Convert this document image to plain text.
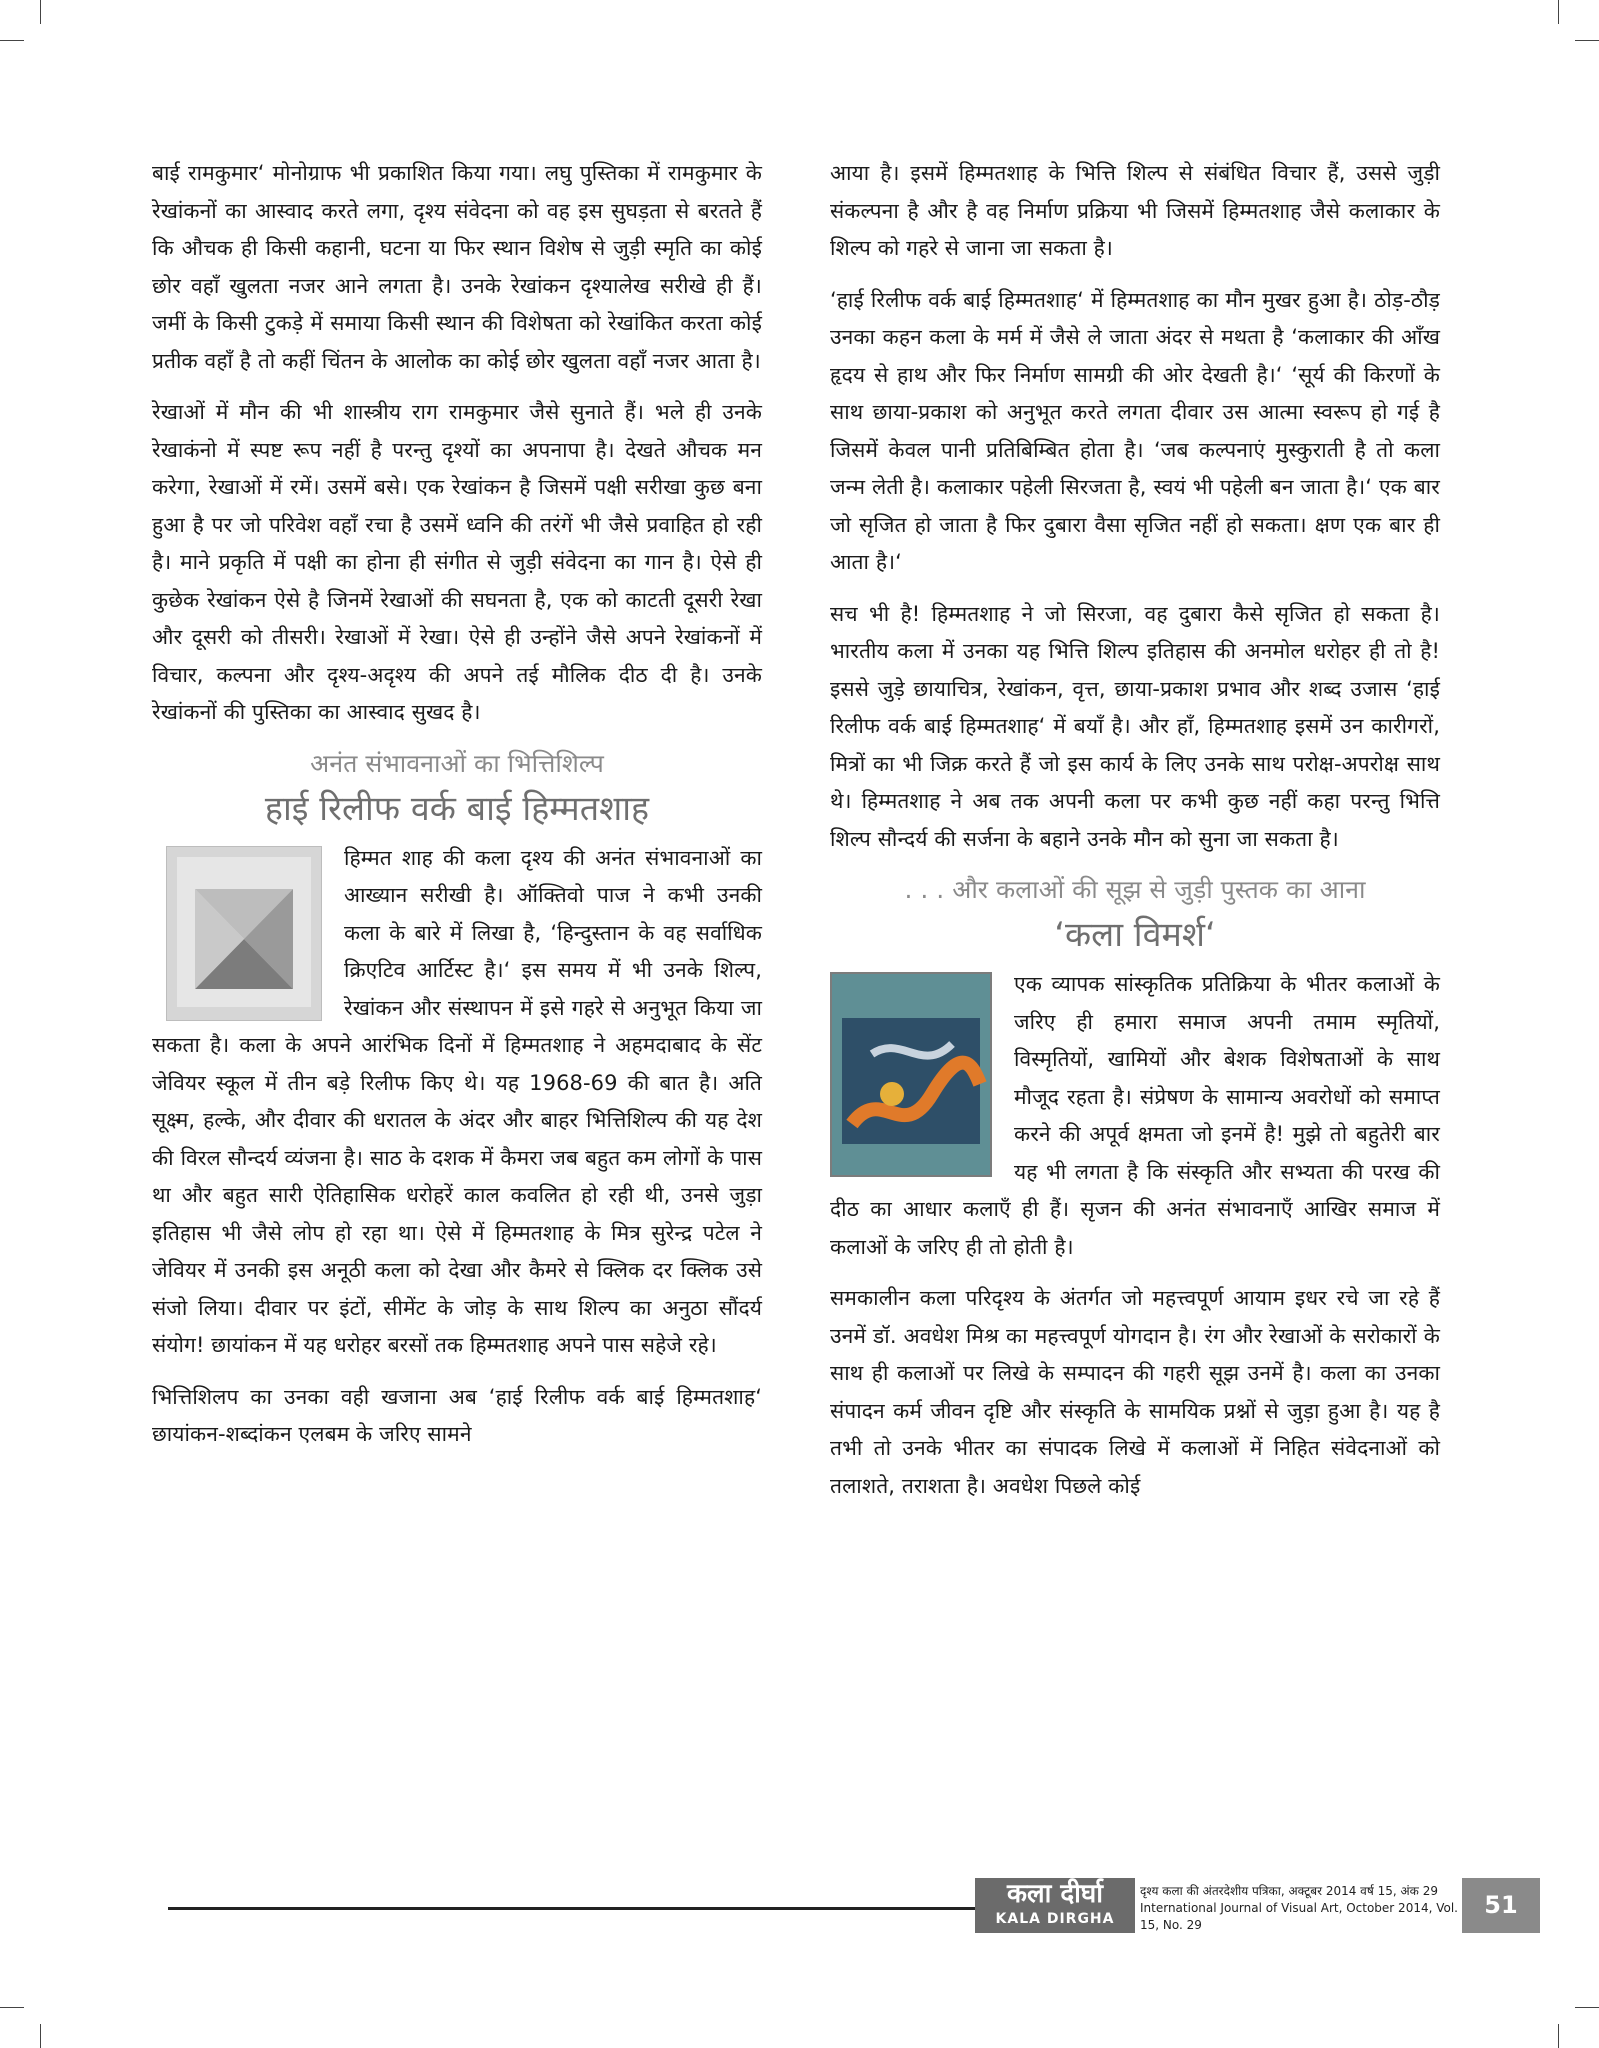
बाई रामकुमार‘ मोनोग्राफ भी प्रकाशित किया गया। लघु पुस्तिका में रामकुमार के रेखांकनों का आस्वाद करते लगा, दृश्य संवेदना को वह इस सुघड़ता से बरतते हैं कि औचक ही किसी कहानी, घटना या फिर स्थान विशेष से जुड़ी स्मृति का कोई छोर वहाँ खुलता नजर आने लगता है। उनके रेखांकन दृश्यालेख सरीखे ही हैं। जमीं के किसी टुकड़े में समाया किसी स्थान की विशेषता को रेखांकित करता कोई प्रतीक वहाँ है तो कहीं चिंतन के आलोक का कोई छोर खुलता वहाँ नजर आता है।

रेखाओं में मौन की भी शास्त्रीय राग रामकुमार जैसे सुनाते हैं। भले ही उनके रेखाकंनो में स्पष्ट रूप नहीं है परन्तु दृश्यों का अपनापा है। देखते औचक मन करेगा, रेखाओं में रमें। उसमें बसे। एक रेखांकन है जिसमें पक्षी सरीखा कुछ बना हुआ है पर जो परिवेश वहाँ रचा है उसमें ध्वनि की तरंगें भी जैसे प्रवाहित हो रही है। माने प्रकृति में पक्षी का होना ही संगीत से जुड़ी संवेदना का गान है। ऐसे ही कुछेक रेखांकन ऐसे है जिनमें रेखाओं की सघनता है, एक को काटती दूसरी रेखा और दूसरी को तीसरी। रेखाओं में रेखा। ऐसे ही उन्होंने जैसे अपने रेखांकनों में विचार, कल्पना और दृश्य-अदृश्य की अपने तई मौलिक दीठ दी है। उनके रेखांकनों की पुस्तिका का आस्वाद सुखद है।

अनंत संभावनाओं का भित्तिशिल्प
हाई रिलीफ वर्क बाई हिम्मतशाह

हिम्मत शाह की कला दृश्य की अनंत संभावनाओं का आख्यान सरीखी है। ऑक्तिवो पाज ने कभी उनकी कला के बारे में लिखा है, ‘हिन्दुस्तान के वह सर्वाधिक क्रिएटिव आर्टिस्ट है।‘ इस समय में भी उनके शिल्प, रेखांकन और संस्थापन में इसे गहरे से अनुभूत किया जा सकता है। कला के अपने आरंभिक दिनों में हिम्मतशाह ने अहमदाबाद के सेंट जेवियर स्कूल में तीन बड़े रिलीफ किए थे। यह 1968-69 की बात है। अति सूक्ष्म, हल्के, और दीवार की धरातल के अंदर और बाहर भित्तिशिल्प की यह देश की विरल सौन्दर्य व्यंजना है। साठ के दशक में कैमरा जब बहुत कम लोगों के पास था और बहुत सारी ऐतिहासिक धरोहरें काल कवलित हो रही थी, उनसे जुड़ा इतिहास भी जैसे लोप हो रहा था। ऐसे में हिम्मतशाह के मित्र सुरेन्द्र पटेल ने जेवियर में उनकी इस अनूठी कला को देखा और कैमरे से क्लिक दर क्लिक उसे संजो लिया। दीवार पर इंटों, सीमेंट के जोड़ के साथ शिल्प का अनुठा सौंदर्य संयोग! छायांकन में यह धरोहर बरसों तक हिम्मतशाह अपने पास सहेजे रहे।

भित्तिशिलप का उनका वही खजाना अब ‘हाई रिलीफ वर्क बाई हिम्मतशाह‘ छायांकन-शब्दांकन एलबम के जरिए सामने

आया है। इसमें हिम्मतशाह के भित्ति शिल्प से संबंधित विचार हैं, उससे जुड़ी संकल्पना है और है वह निर्माण प्रक्रिया भी जिसमें हिम्मतशाह जैसे कलाकार के शिल्प को गहरे से जाना जा सकता है।

‘हाई रिलीफ वर्क बाई हिम्मतशाह‘ में हिम्मतशाह का मौन मुखर हुआ है। ठोड़-ठौड़ उनका कहन कला के मर्म में जैसे ले जाता अंदर से मथता है ‘कलाकार की आँख हृदय से हाथ और फिर निर्माण सामग्री की ओर देखती है।‘ ‘सूर्य की किरणों के साथ छाया-प्रकाश को अनुभूत करते लगता दीवार उस आत्मा स्वरूप हो गई है जिसमें केवल पानी प्रतिबिम्बित होता है। ‘जब कल्पनाएं मुस्कुराती है तो कला जन्म लेती है। कलाकार पहेली सिरजता है, स्वयं भी पहेली बन जाता है।‘ एक बार जो सृजित हो जाता है फिर दुबारा वैसा सृजित नहीं हो सकता। क्षण एक बार ही आता है।‘

सच भी है! हिम्मतशाह ने जो सिरजा, वह दुबारा कैसे सृजित हो सकता है। भारतीय कला में उनका यह भित्ति शिल्प इतिहास की अनमोल धरोहर ही तो है! इससे जुड़े छायाचित्र, रेखांकन, वृत्त, छाया-प्रकाश प्रभाव और शब्द उजास ‘हाई रिलीफ वर्क बाई हिम्मतशाह‘ में बयाँ है। और हाँ, हिम्मतशाह इसमें उन कारीगरों, मित्रों का भी जिक्र करते हैं जो इस कार्य के लिए उनके साथ परोक्ष-अपरोक्ष साथ थे। हिम्मतशाह ने अब तक अपनी कला पर कभी कुछ नहीं कहा परन्तु भित्ति शिल्प सौन्दर्य की सर्जना के बहाने उनके मौन को सुना जा सकता है।

. . . और कलाओं की सूझ से जुड़ी पुस्तक का आना
‘कला विमर्श‘

एक व्यापक सांस्कृतिक प्रतिक्रिया के भीतर कलाओं के जरिए ही हमारा समाज अपनी तमाम स्मृतियों, विस्मृतियों, खामियों और बेशक विशेषताओं के साथ मौजूद रहता है। संप्रेषण के सामान्य अवरोधों को समाप्त करने की अपूर्व क्षमता जो इनमें है! मुझे तो बहुतेरी बार यह भी लगता है कि संस्कृति और सभ्यता की परख की दीठ का आधार कलाएँ ही हैं। सृजन की अनंत संभावनाएँ आखिर समाज में कलाओं के जरिए ही तो होती है।

समकालीन कला परिदृश्य के अंतर्गत जो महत्त्वपूर्ण आयाम इधर रचे जा रहे हैं उनमें डॉ. अवधेश मिश्र का महत्त्वपूर्ण योगदान है। रंग और रेखाओं के सरोकारों के साथ ही कलाओं पर लिखे के सम्पादन की गहरी सूझ उनमें है। कला का उनका संपादन कर्म जीवन दृष्टि और संस्कृति के सामयिक प्रश्नों से जुड़ा हुआ है। यह है तभी तो उनके भीतर का संपादक लिखे में कलाओं में निहित संवेदनाओं को तलाशते, तराशता है। अवधेश पिछले कोई

कला दीर्घा
KALA DIRGHA
दृश्य कला की अंतरदेशीय पत्रिका, अक्टूबर 2014 वर्ष 15, अंक 29
International Journal of Visual Art, October 2014, Vol. 15, No. 29
51
